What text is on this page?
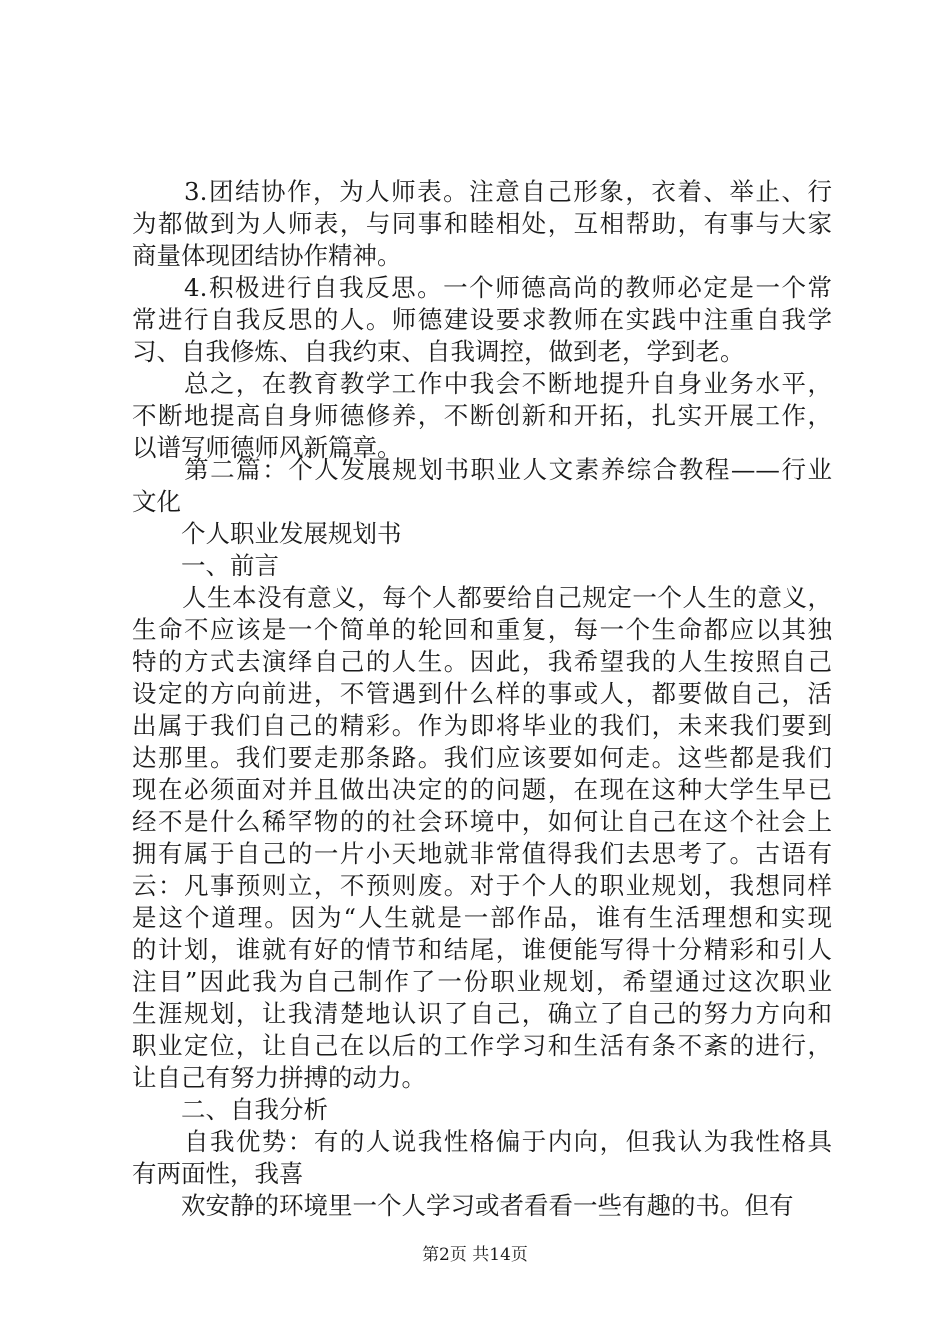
　　3.团结协作，为人师表。注意自己形象，衣着、举止、行
为都做到为人师表，与同事和睦相处，互相帮助，有事与大家
商量体现团结协作精神。
　　4.积极进行自我反思。一个师德高尚的教师必定是一个常
常进行自我反思的人。师德建设要求教师在实践中注重自我学
习、自我修炼、自我约束、自我调控，做到老，学到老。
　　总之，在教育教学工作中我会不断地提升自身业务水平，
不断地提高自身师德修养，不断创新和开拓，扎实开展工作，
以谱写师德师风新篇章。
　　第二篇：个人发展规划书职业人文素养综合教程——行业
文化
　　个人职业发展规划书
　　一、前言
　　人生本没有意义，每个人都要给自己规定一个人生的意义，
生命不应该是一个简单的轮回和重复，每一个生命都应以其独
特的方式去演绎自己的人生。因此，我希望我的人生按照自己
设定的方向前进，不管遇到什么样的事或人，都要做自己，活
出属于我们自己的精彩。作为即将毕业的我们，未来我们要到
达那里。我们要走那条路。我们应该要如何走。这些都是我们
现在必须面对并且做出决定的的问题，在现在这种大学生早已
经不是什么稀罕物的的社会环境中，如何让自己在这个社会上
拥有属于自己的一片小天地就非常值得我们去思考了。古语有
云：凡事预则立，不预则废。对于个人的职业规划，我想同样
是这个道理。因为“人生就是一部作品，谁有生活理想和实现
的计划，谁就有好的情节和结尾，谁便能写得十分精彩和引人
注目”因此我为自己制作了一份职业规划，希望通过这次职业
生涯规划，让我清楚地认识了自己，确立了自己的努力方向和
职业定位，让自己在以后的工作学习和生活有条不紊的进行，
让自己有努力拼搏的动力。
　　二、自我分析
　　自我优势：有的人说我性格偏于内向，但我认为我性格具
有两面性，我喜
　　欢安静的环境里一个人学习或者看看一些有趣的书。但有
第2页 共14页
